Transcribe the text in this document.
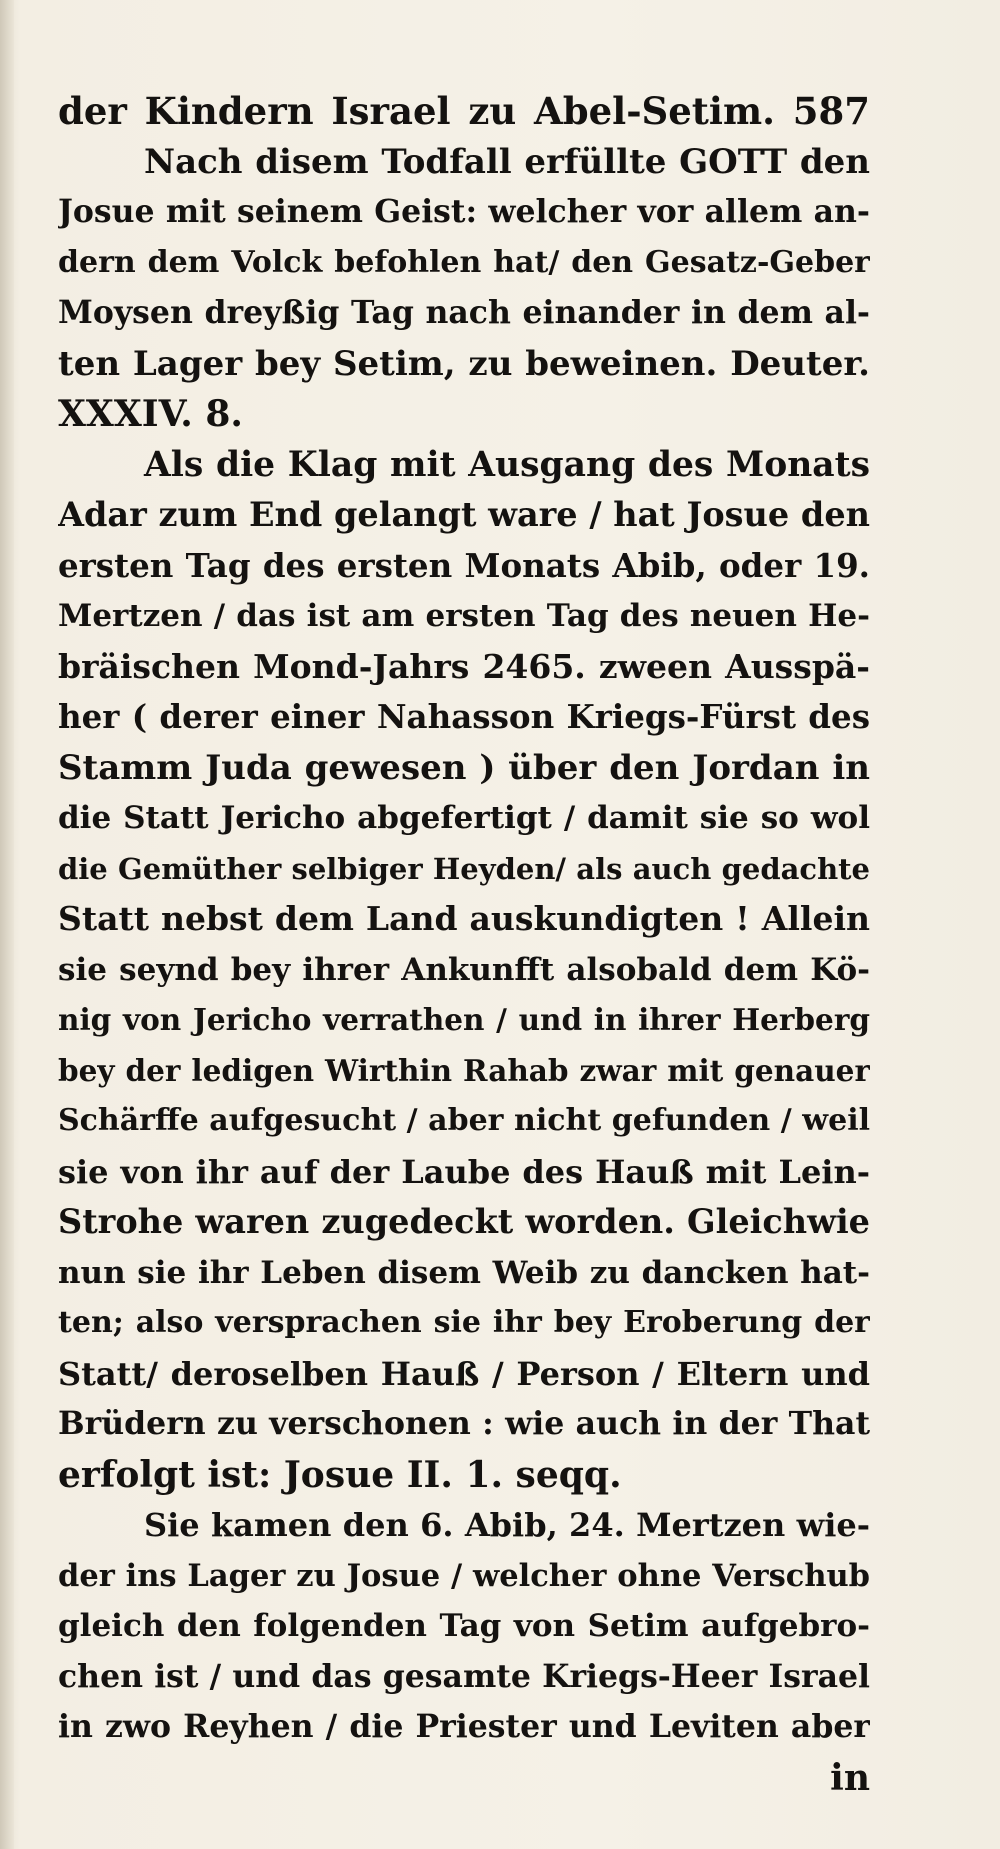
der Kindern Israel zu Abel-Setim. 587
Nach disem Todfall erfüllte GOTT den
Josue mit seinem Geist: welcher vor allem an-
dern dem Volck befohlen hat/ den Gesatz-Geber
Moysen dreyßig Tag nach einander in dem al-
ten Lager bey Setim, zu beweinen. Deuter.
XXXIV. 8.
Als die Klag mit Ausgang des Monats
Adar zum End gelangt ware / hat Josue den
ersten Tag des ersten Monats Abib, oder 19.
Mertzen / das ist am ersten Tag des neuen He-
bräischen Mond-Jahrs 2465. zween Ausspä-
her ( derer einer Nahasson Kriegs-Fürst des
Stamm Juda gewesen ) über den Jordan in
die Statt Jericho abgefertigt / damit sie so wol
die Gemüther selbiger Heyden/ als auch gedachte
Statt nebst dem Land auskundigten ! Allein
sie seynd bey ihrer Ankunfft alsobald dem Kö-
nig von Jericho verrathen / und in ihrer Herberg
bey der ledigen Wirthin Rahab zwar mit genauer
Schärffe aufgesucht / aber nicht gefunden / weil
sie von ihr auf der Laube des Hauß mit Lein-
Strohe waren zugedeckt worden. Gleichwie
nun sie ihr Leben disem Weib zu dancken hat-
ten; also versprachen sie ihr bey Eroberung der
Statt/ deroselben Hauß / Person / Eltern und
Brüdern zu verschonen : wie auch in der That
erfolgt ist: Josue II. 1. seqq.
Sie kamen den 6. Abib, 24. Mertzen wie-
der ins Lager zu Josue / welcher ohne Verschub
gleich den folgenden Tag von Setim aufgebro-
chen ist / und das gesamte Kriegs-Heer Israel
in zwo Reyhen / die Priester und Leviten aber
in
